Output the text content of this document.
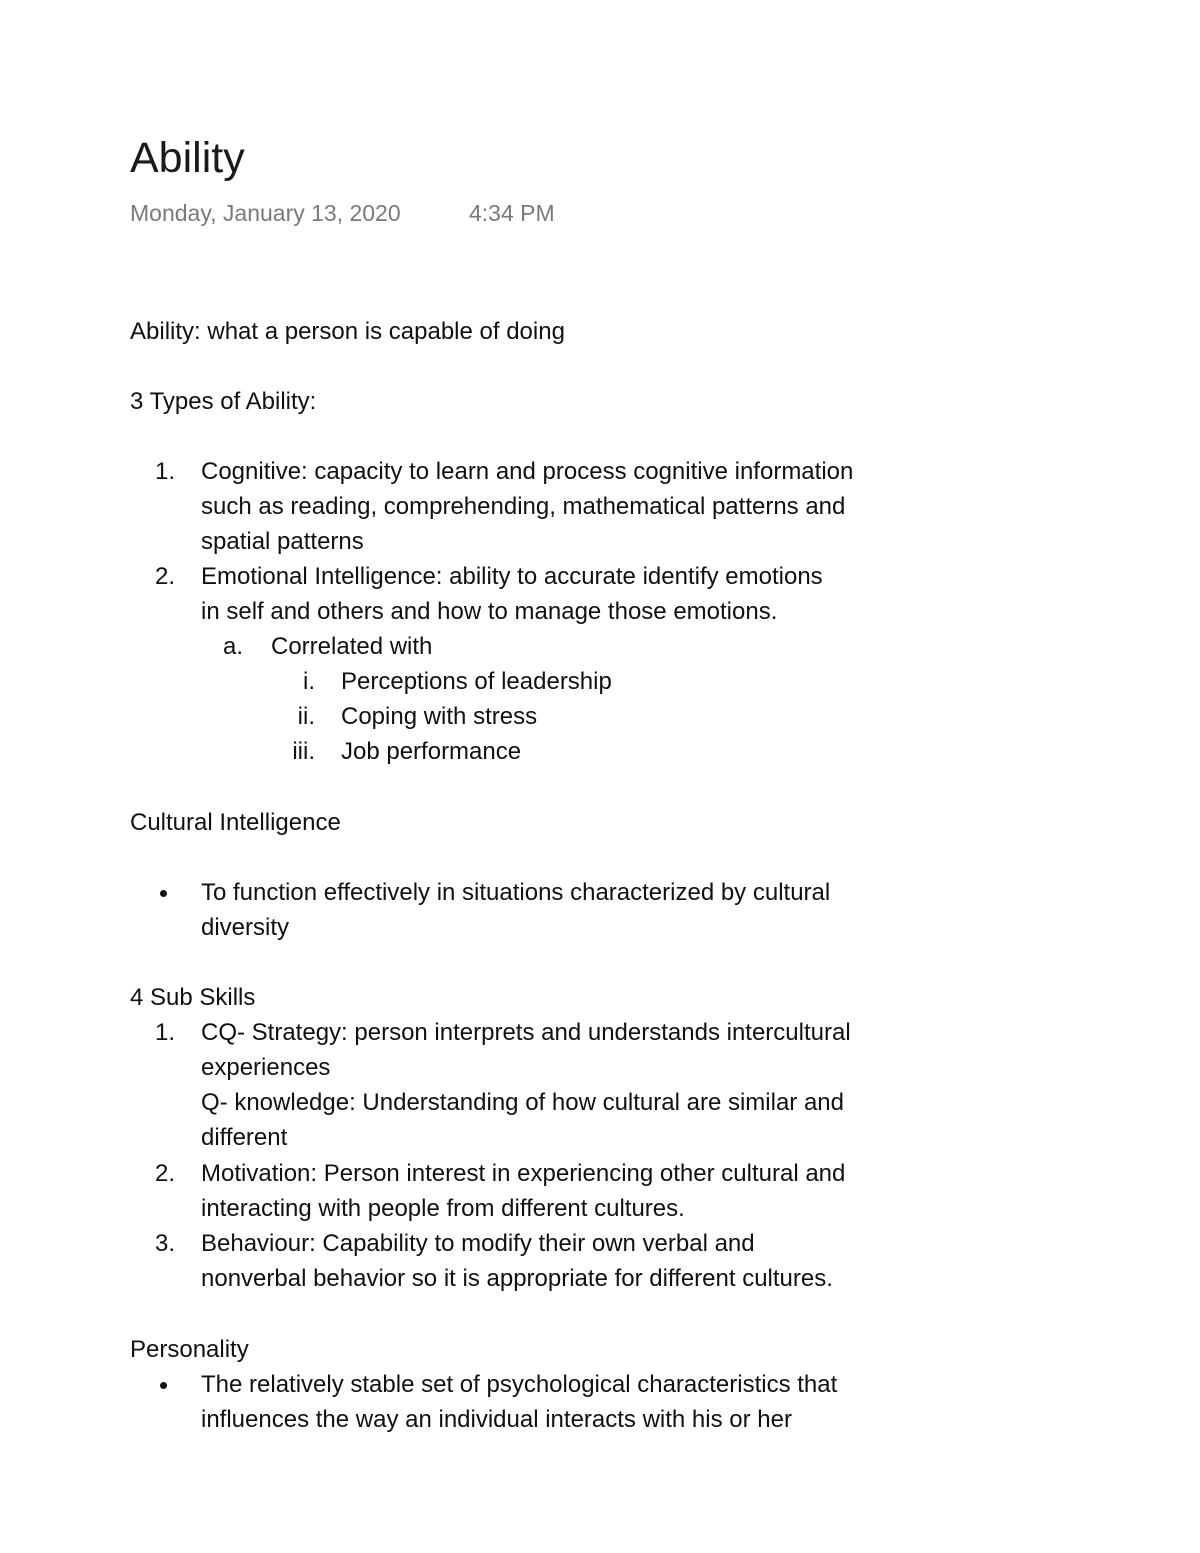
Ability
Monday, January 13, 2020	4:34 PM
Ability: what a person is capable of doing
3 Types of Ability:
1. Cognitive: capacity to learn and process cognitive information
such as reading, comprehending, mathematical patterns and
spatial patterns
2. Emotional Intelligence: ability to accurate identify emotions
in self and others and how to manage those emotions.
a. Correlated with
i. Perceptions of leadership
ii. Coping with stress
iii. Job performance
Cultural Intelligence
To function effectively in situations characterized by cultural
diversity
4 Sub Skills
1. CQ- Strategy: person interprets and understands intercultural
experiences
Q- knowledge: Understanding of how cultural are similar and
different
2. Motivation: Person interest in experiencing other cultural and
interacting with people from different cultures.
3. Behaviour: Capability to modify their own verbal and
nonverbal behavior so it is appropriate for different cultures.
Personality
The relatively stable set of psychological characteristics that
influences the way an individual interacts with his or her
